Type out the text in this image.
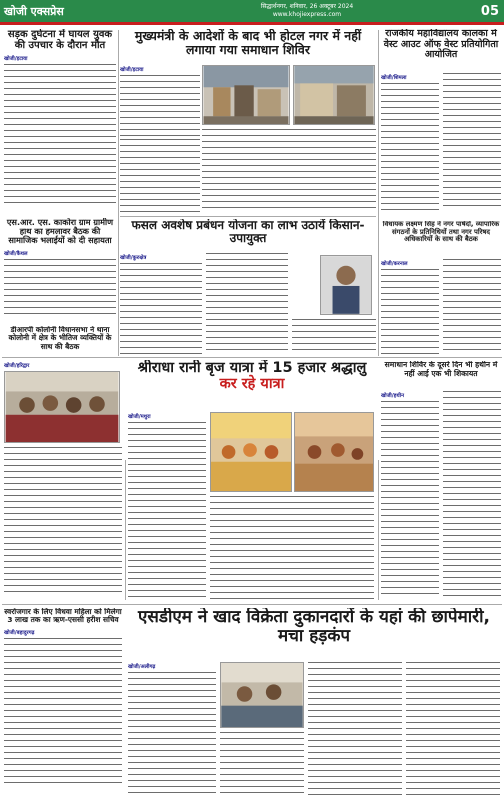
खोजी एक्सप्रेस	सिद्धार्थनगर, शनिवार, 26 अक्टूबर 2024
www.khojiexpress.com	05
सड़क दुर्घटना में घायल युवक की उपचार के दौरान मौत
खोजी/इटावा
एस.आर. एस. काकोरा ग्राम ग्रामीण हाथ का हमलावर बैठक की सामाजिक भलाईयों को दी सहायता
खोजी/कैथल
डीआरपी कोलोनी विधानसभा ने थाना कोलोनी में क्षेत्र के भीतिज व्यक्तियों के साथ की बैठक
मुख्यमंत्री के आदेशों के बाद भी होटल नगर में नहीं लगाया गया समाधान शिविर
खोजी/इटावा
फसल अवशेष प्रबंधन योजना का लाभ उठायें किसान-उपायुक्त
खोजी/कुरुक्षेत्र
राजकीय महाविद्यालय कालका में वेस्ट आउट ऑफ वेस्ट प्रतियोगिता आयोजित
खोजी/शिमला
विधायक लक्ष्मण सिंह ने नगर पार्षदों, व्यापारिक संगठनों के प्रतिनिधियों तथा नगर परिषद अधिकारियों के साथ की बैठक
खोजी/करनाल
खोजी/हरिद्वार	श्रीराधा रानी बृज यात्रा में 15 हजार श्रद्धालु कर रहे यात्रा
खोजी/मथुरा
समाधान शिविर के दूसरे दिन भी हथीन में नहीं आई एक भी शिकायत
खोजी/हथीन
एसडीएम ने खाद विक्रेता दुकानदारों के यहां की छापेमारी, मचा हड़कंप
खोजी/अलीगढ़
स्वरोजगार के लिए विधवा महिला को मिलेगा 3 लाख तक का ऋण-एससी हरीश सचिव
खोजी/बहादुरगढ़
